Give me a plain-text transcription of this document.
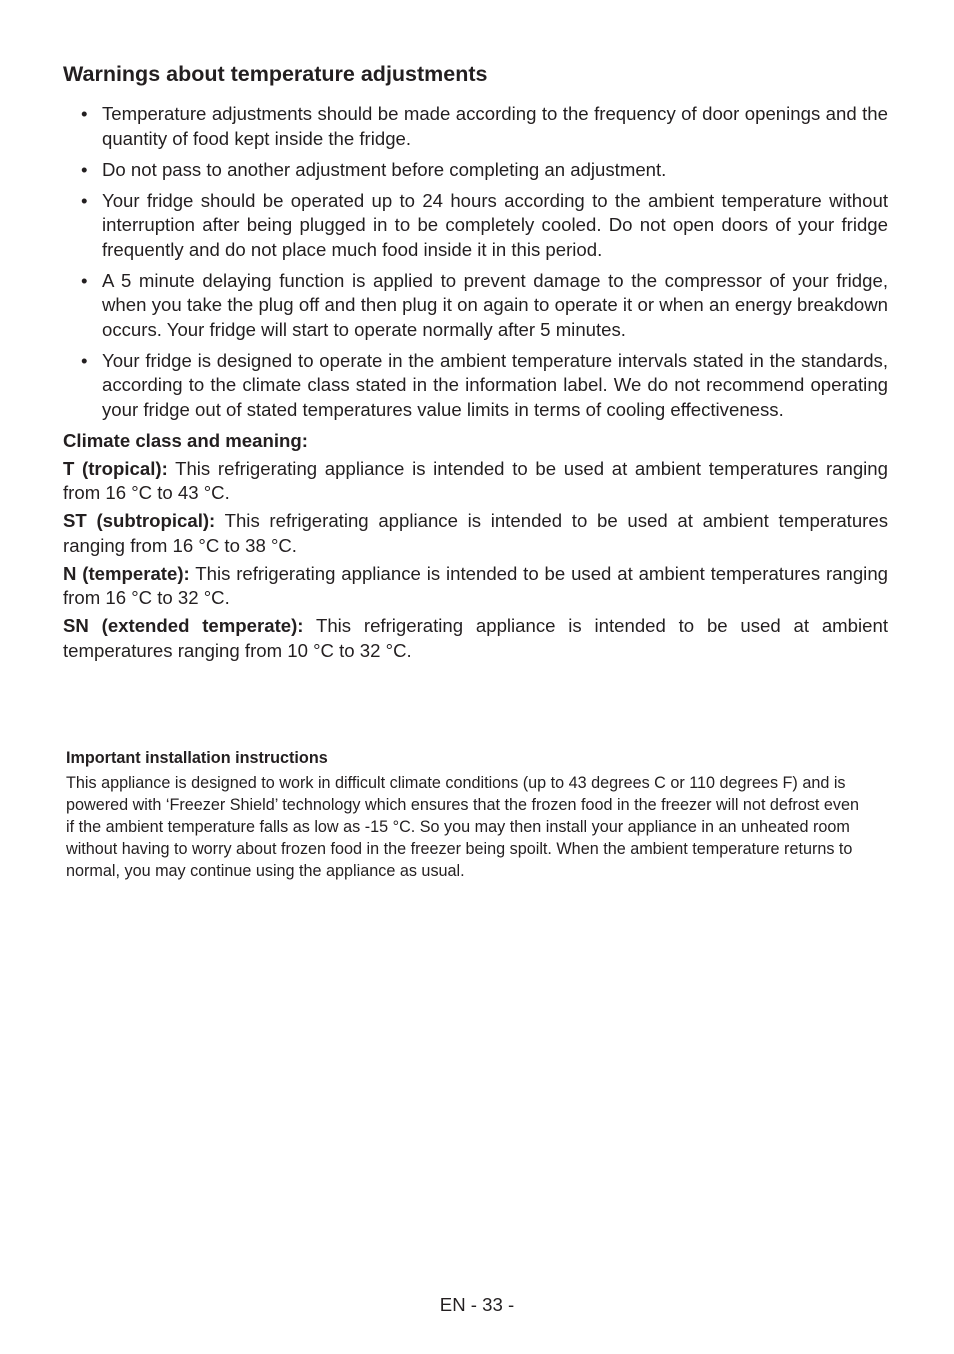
Warnings about temperature adjustments
• Temperature adjustments should be made according to the frequency of door openings and the quantity of food kept inside the fridge.
• Do not pass to another adjustment before completing an adjustment.
• Your fridge should be operated up to 24 hours according to the ambient temperature without interruption after being plugged in to be completely cooled. Do not open doors of your fridge frequently and do not place much food inside it in this period.
• A 5 minute delaying function is applied to prevent damage to the compressor of your fridge, when you take the plug off and then plug it on again to operate it or when an energy breakdown occurs. Your fridge will start to operate normally after 5 minutes.
• Your fridge is designed to operate in the ambient temperature intervals stated in the standards, according to the climate class stated in the information label. We do not recommend operating your fridge out of stated temperatures value limits in terms of cooling effectiveness.
Climate class and meaning:
T (tropical): This refrigerating appliance is intended to be used at ambient temperatures ranging from 16 °C to 43 °C.
ST (subtropical): This refrigerating appliance is intended to be used at ambient temperatures ranging from 16 °C to 38 °C.
N (temperate): This refrigerating appliance is intended to be used at ambient temperatures ranging from 16 °C to 32 °C.
SN (extended temperate): This refrigerating appliance is intended to be used at ambient temperatures ranging from 10 °C to 32 °C.
Important installation instructions

This appliance is designed to work in difficult climate conditions (up to 43 degrees C or 110 degrees F) and is powered with ‘Freezer Shield’ technology which ensures that the frozen food in the freezer will not defrost even if the ambient temperature falls as low as -15 °C. So you may then install your appliance in an unheated room without having to worry about frozen food in the freezer being spoilt. When the ambient temperature returns to normal, you may continue using the appliance as usual.

EN - 33 -
